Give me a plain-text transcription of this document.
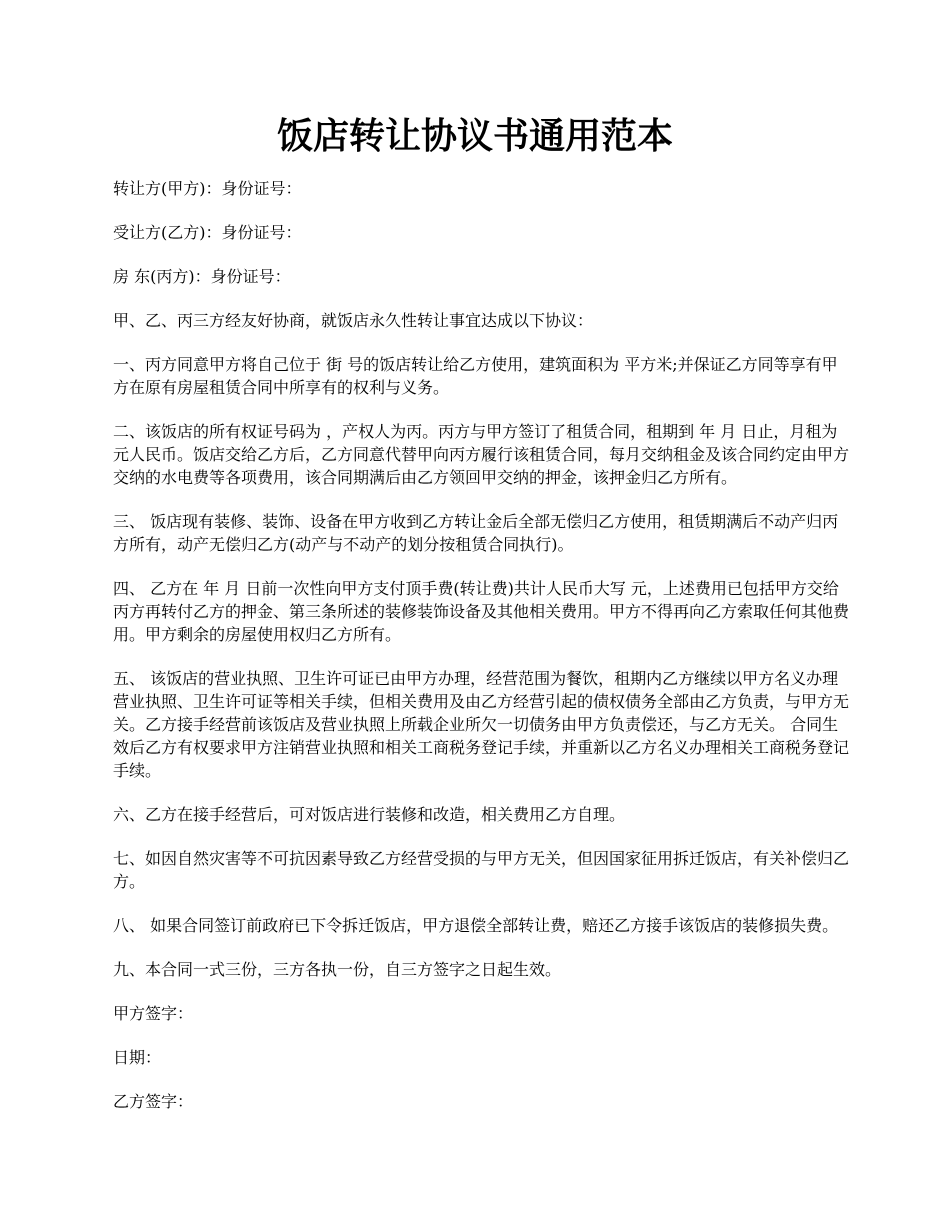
饭店转让协议书通用范本

转让方(甲方)：身份证号：

受让方(乙方)：身份证号：

房 东(丙方)：身份证号：

甲、乙、丙三方经友好协商，就饭店永久性转让事宜达成以下协议：

一、丙方同意甲方将自己位于 街 号的饭店转让给乙方使用，建筑面积为 平方米;并保证乙方同等享有甲方在原有房屋租赁合同中所享有的权利与义务。

二、该饭店的所有权证号码为 ，产权人为丙。丙方与甲方签订了租赁合同，租期到 年 月 日止，月租为 元人民币。饭店交给乙方后，乙方同意代替甲向丙方履行该租赁合同，每月交纳租金及该合同约定由甲方交纳的水电费等各项费用，该合同期满后由乙方领回甲交纳的押金，该押金归乙方所有。

三、 饭店现有装修、装饰、设备在甲方收到乙方转让金后全部无偿归乙方使用，租赁期满后不动产归丙方所有，动产无偿归乙方(动产与不动产的划分按租赁合同执行)。

四、 乙方在 年 月 日前一次性向甲方支付顶手费(转让费)共计人民币大写 元，上述费用已包括甲方交给丙方再转付乙方的押金、第三条所述的装修装饰设备及其他相关费用。甲方不得再向乙方索取任何其他费用。甲方剩余的房屋使用权归乙方所有。

五、 该饭店的营业执照、卫生许可证已由甲方办理，经营范围为餐饮，租期内乙方继续以甲方名义办理营业执照、卫生许可证等相关手续，但相关费用及由乙方经营引起的债权债务全部由乙方负责，与甲方无关。乙方接手经营前该饭店及营业执照上所载企业所欠一切债务由甲方负责偿还，与乙方无关。 合同生效后乙方有权要求甲方注销营业执照和相关工商税务登记手续，并重新以乙方名义办理相关工商税务登记手续。

六、乙方在接手经营后，可对饭店进行装修和改造，相关费用乙方自理。

七、如因自然灾害等不可抗因素导致乙方经营受损的与甲方无关，但因国家征用拆迁饭店，有关补偿归乙方。

八、 如果合同签订前政府已下令拆迁饭店，甲方退偿全部转让费，赔还乙方接手该饭店的装修损失费。

九、本合同一式三份，三方各执一份，自三方签字之日起生效。

甲方签字：

日期：

乙方签字：
